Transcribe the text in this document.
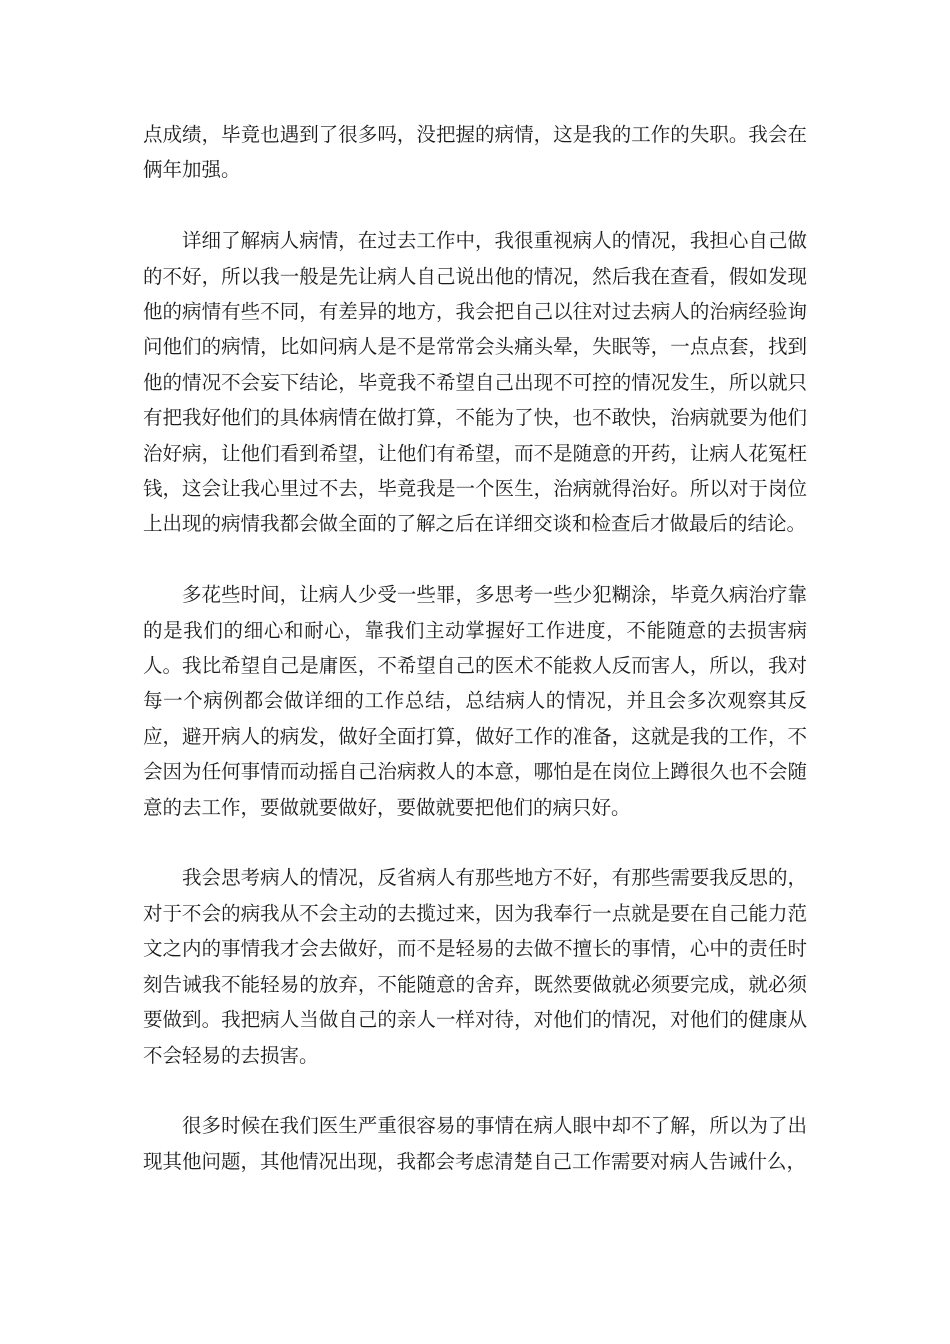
点成绩，毕竟也遇到了很多吗，没把握的病情，这是我的工作的失职。我会在俩年加强。

详细了解病人病情，在过去工作中，我很重视病人的情况，我担心自己做的不好，所以我一般是先让病人自己说出他的情况，然后我在查看，假如发现他的病情有些不同，有差异的地方，我会把自己以往对过去病人的治病经验询问他们的病情，比如问病人是不是常常会头痛头晕，失眠等，一点点套，找到他的情况不会妄下结论，毕竟我不希望自己出现不可控的情况发生，所以就只有把我好他们的具体病情在做打算，不能为了快，也不敢快，治病就要为他们治好病，让他们看到希望，让他们有希望，而不是随意的开药，让病人花冤枉钱，这会让我心里过不去，毕竟我是一个医生，治病就得治好。所以对于岗位上出现的病情我都会做全面的了解之后在详细交谈和检查后才做最后的结论。

多花些时间，让病人少受一些罪，多思考一些少犯糊涂，毕竟久病治疗靠的是我们的细心和耐心，靠我们主动掌握好工作进度，不能随意的去损害病人。我比希望自己是庸医，不希望自己的医术不能救人反而害人，所以，我对每一个病例都会做详细的工作总结，总结病人的情况，并且会多次观察其反应，避开病人的病发，做好全面打算，做好工作的准备，这就是我的工作，不会因为任何事情而动摇自己治病救人的本意，哪怕是在岗位上蹲很久也不会随意的去工作，要做就要做好，要做就要把他们的病只好。

我会思考病人的情况，反省病人有那些地方不好，有那些需要我反思的，对于不会的病我从不会主动的去揽过来，因为我奉行一点就是要在自己能力范文之内的事情我才会去做好，而不是轻易的去做不擅长的事情，心中的责任时刻告诫我不能轻易的放弃，不能随意的舍弃，既然要做就必须要完成，就必须要做到。我把病人当做自己的亲人一样对待，对他们的情况，对他们的健康从不会轻易的去损害。

很多时候在我们医生严重很容易的事情在病人眼中却不了解，所以为了出现其他问题，其他情况出现，我都会考虑清楚自己工作需要对病人告诫什么，
